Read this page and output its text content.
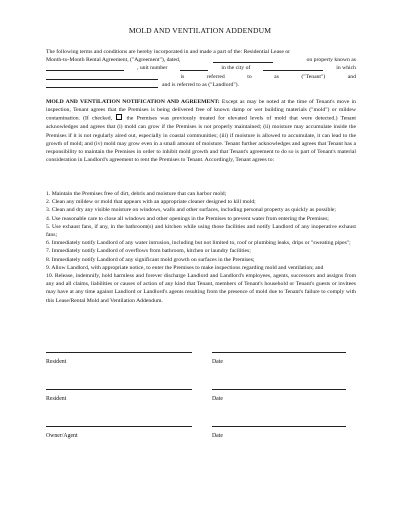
MOLD AND VENTILATION ADDENDUM
The following terms and conditions are hereby incorporated in and made a part of the: Residential Lease or
Month-to-Month Rental Agreement, ("Agreement"), dated,	on property known as
, unit number	in the city of	in which
is	referred	to	as	("Tenant")	and
and is referred to as ("Landlord").
MOLD AND VENTILATION NOTIFICATION AND AGREEMENT: Except as may be noted at the time of Tenant's move in inspection, Tenant agrees that the Premises is being delivered free of known damp or wet building materials ("mold") or mildew contamination. (If checked,	the Premises was previously treated for elevated levels of mold that were detected.) Tenant acknowledges and agrees that (i) mold can grow if the Premises is not properly maintained; (ii) moisture may accumulate inside the Premises if it is not regularly aired out, especially in coastal communities; (iii) if moisture is allowed to accumulate, it can lead to the growth of mold; and (iv) mold may grow even in a small amount of moisture. Tenant further acknowledges and agrees that Tenant has a responsibility to maintain the Premises in order to inhibit mold growth and that Tenant's agreement to do so is part of Tenant's material consideration in Landlord's agreement to rent the Premises to Tenant. Accordingly, Tenant agrees to:

1. Maintain the Premises free of dirt, debris and moisture that can harbor mold;

2. Clean any mildew or mold that appears with an appropriate cleaner designed to kill mold;

3. Clean and dry any visible moisture on windows, walls and other surfaces, including personal property as quickly as possible;

4. Use reasonable care to close all windows and other openings in the Premises to prevent water from entering the Premises;

5. Use exhaust fans, if any, in the bathroom(s) and kitchen while using those facilities and notify Landlord of any inoperative exhaust fans;

6. Immediately notify Landlord of any water intrusion, including but not limited to, roof or plumbing leaks, drips or "sweating pipes";

7. Immediately notify Landlord of overflows from bathroom, kitchen or laundry facilities;

8. Immediately notify Landlord of any significant mold growth on surfaces in the Premises;

9. Allow Landlord, with appropriate notice, to enter the Premises to make inspections regarding mold and ventilation; and

10. Release, indemnify, hold harmless and forever discharge Landlord and Landlord's employees, agents, successors and assigns from any and all claims, liabilities or causes of action of any kind that Tenant, members of Tenant's household or Tenant's guests or invitees may have at any time against Landlord or Landlord's agents resulting from the presence of mold due to Tenant's failure to comply with this Lease/Rental Mold and Ventilation Addendum.

Resident	Date
Resident	Date
Owner/Agent	Date
